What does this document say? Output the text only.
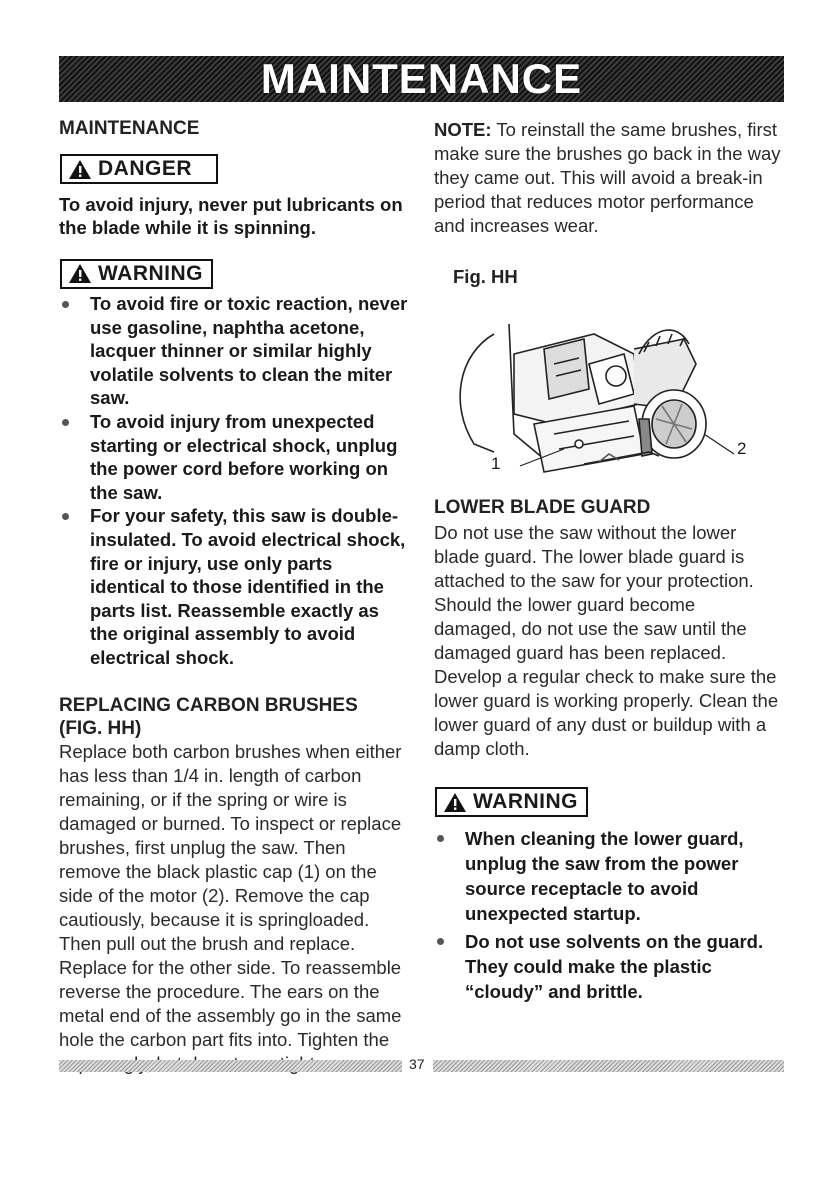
MAINTENANCE
MAINTENANCE
DANGER
To avoid injury, never put lubricants on the blade while it is spinning.
WARNING
To avoid fire or toxic reaction, never use gasoline, naphtha acetone, lacquer thinner or similar highly volatile solvents to clean the miter saw.
To avoid injury from unexpected starting or electrical shock, unplug the power cord before working on the saw.
For your safety, this saw is double-insulated. To avoid electrical shock, fire or injury, use only parts identical to those identified in the parts list. Reassemble exactly as the original assembly to avoid electrical shock.
REPLACING CARBON BRUSHES
(FIG. HH)
Replace both carbon brushes when either has less than 1/4 in. length of carbon remaining, or if the spring or wire is damaged or burned. To inspect or replace brushes, first unplug the saw. Then remove the black plastic cap (1) on the side of the motor (2). Remove the cap cautiously, because it is springloaded. Then pull out the brush and replace. Replace for the other side. To reassemble reverse the procedure. The ears on the metal end of the assembly go in the same hole the carbon part fits into. Tighten the
NOTE: To reinstall the same brushes, first make sure the brushes go back in the way they came out. This will avoid a break-in period that reduces motor performance and increases wear.
Fig. HH
1
2
LOWER BLADE GUARD
Do not use the saw without the lower blade guard. The lower blade guard is attached to the saw for your protection. Should the lower guard become damaged, do not use the saw until the damaged guard has been replaced. Develop a regular check to make sure the lower guard is working properly. Clean the lower guard of any dust or buildup with a damp cloth.
WARNING
When cleaning the lower guard, unplug the saw from the power source receptacle to avoid unexpected startup.
Do not use solvents on the guard. They could make the plastic “cloudy” and brittle.
37
